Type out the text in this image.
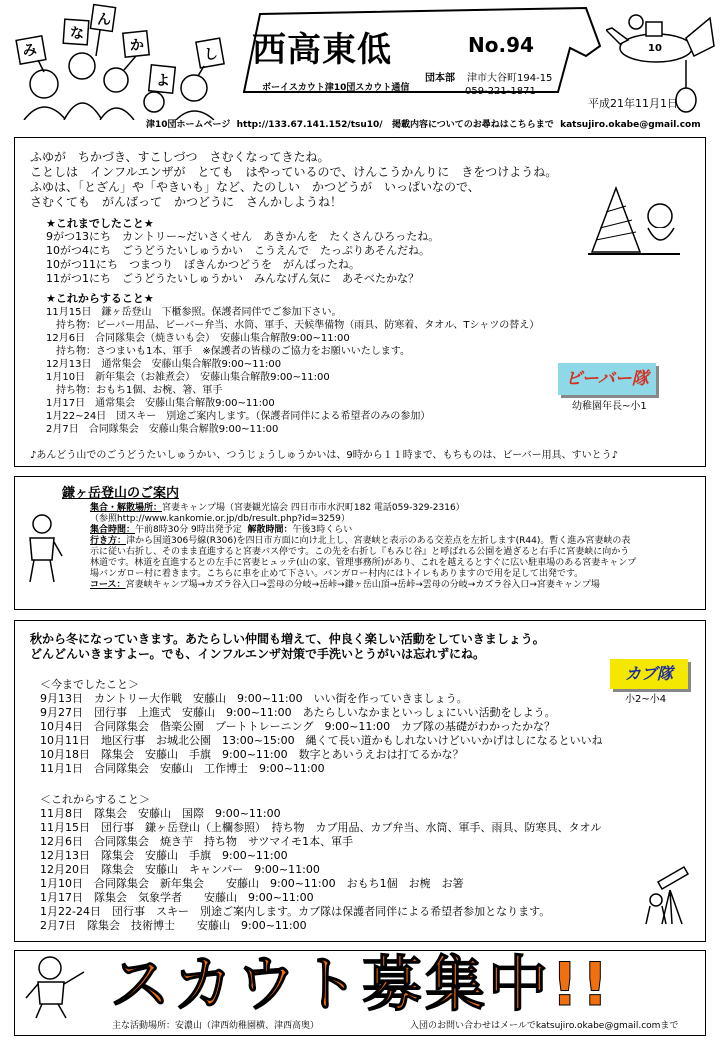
み
ん
な
か
よ
し 西高東低	No.94
団本部 津市大谷町194-15
ボーイスカウト津10団スカウト通信	059-221-1871
10
平成21年11月1日
津10団ホームページ http://133.67.141.152/tsu10/ 掲載内容についてのお尋ねはこちらまで katsujiro.okabe@gmail.com
ふゆが　ちかづき、すこしづつ　さむくなってきたね。
ことしは　インフルエンザが　とても　はやっているので、けんこうかんりに　きをつけようね。
ふゆは、「とざん」や「やきいも」など、たのしい　かつどうが　いっぱいなので、
さむくても　がんばって　かつどうに　さんかしようね！
★これまでしたこと★
9がつ13にち　カントリー~だいさくせん　あきかんを　たくさんひろったね。
10がつ4にち　ごうどうたいしゅうかい　こうえんで　たっぷりあそんだね。
10がつ11にち　つまつり　ぼきんかつどうを　がんばったね。
11がつ1にち　ごうどうたいしゅうかい　みんなげん気に　あそべたかな？
★これからすること★
11月15日　鎌ヶ岳登山　下櫃参照。保護者同伴でご参加下さい。
　持ち物：ビーバー用品、ビーバー弁当、水筒、軍手、天候準備物（雨具、防寒着、タオル、Tシャツの替え）
12月6日　合同隊集会（焼きいも会）　安藤山集合解散9:00~11:00
　持ち物：さつまいも1本、軍手　※保護者の皆様のご協力をお願いいたします。
12月13日　通常集会　安藤山集合解散9:00~11:00
1月10日　新年集会（お雑煮会）　安藤山集合解散9:00~11:00
　持ち物：おもち1個、お椀、箸、軍手
1月17日　通常集会　安藤山集合解散9:00~11:00
1月22~24日　団スキー　別途ご案内します。（保護者同伴による希望者のみの参加）
2月7日　合同隊集会　安藤山集合解散9:00~11:00
ビーバー隊
幼稚園年長~小1
♪あんどう山でのごうどうたいしゅうかい、つうじょうしゅうかいは、9時から１１時まで、もちものは、ビーバー用具、すいとう♪
鎌ヶ岳登山のご案内
集合・解散場所：宮妻キャンプ場（宮妻観光協会 四日市市水沢町182 電話059-329-2316）
（参照http://www.kankomie.or.jp/db/result.php?id=3259）
集合時間：午前8時30分 9時出発予定 解散時間：午後3時くらい
行き方：津から国道306号線(R306)を四日市方面に向け北上し、宮妻峡と表示のある交差点を左折します(R44)。暫く進み宮妻峡の表
示に従い右折し、そのまま直進すると宮妻バス停です。この先を右折し『もみじ谷』と呼ばれる公園を過ぎると右手に宮妻峡に向かう
林道です。林道を直進するとの左手に宮妻ヒュッテ(山の家、管理事務所)があり、これを越えるとすぐに広い駐車場のある宮妻キャンプ
場バンガロー村に着きます。こちらに車を止めて下さい。バンガロー村内にはトイレもありますので用を足して出発です。
コース：宮妻峡キャンプ場→カズラ谷入口→雲母の分岐→岳峠→鎌ヶ岳山頂→岳峠→雲母の分岐→カズラ谷入口→宮妻キャンプ場
秋から冬になっていきます。あたらしい仲間も増えて、仲良く楽しい活動をしていきましょう。
どんどんいきますよー。でも、インフルエンザ対策で手洗いとうがいは忘れずにね。
カブ隊
小2~小4
＜今までしたこと＞
9月13日　カントリー大作戦　安藤山　9:00~11:00　いい街を作っていきましょう。
9月27日　団行事　上進式　安藤山　9:00~11:00　あたらしいなかまといっしょにいい活動をしよう。
10月4日　合同隊集会　偕楽公園　ブートトレーニング　9:00~11:00　カブ隊の基礎がわかったかな？
10月11日　地区行事　お城北公園　13:00~15:00　縄くて長い道かもしれないけどいいかげはしになるといいね
10月18日　隊集会　安藤山　手旗　9:00~11:00　数字とあいうえおは打てるかな？
11月1日　合同隊集会　安藤山　工作博士　9:00~11:00
＜これからすること＞
11月8日　隊集会　安藤山　国際　9:00~11:00
11月15日　団行事　鎌ヶ岳登山（上欄参照）　持ち物　カブ用品、カブ弁当、水筒、軍手、雨具、防寒具、タオル
12月6日　合同隊集会　焼き芋　持ち物　サツマイモ1本、軍手
12月13日　隊集会　安藤山　手旗　9:00~11:00
12月20日　隊集会　安藤山　キャンパー　9:00~11:00
1月10日　合同隊集会　新年集会　　安藤山　9:00~11:00　おもち1個　お椀　お箸
1月17日　隊集会　気象学者　　安藤山　9:00~11:00
1月22-24日　団行事　スキー　別途ご案内します。カブ隊は保護者同伴による希望者参加となります。
2月7日　隊集会　技術博士　　安藤山　9:00~11:00
スカウト募集中!!
主な活動場所：安濃山（津西幼稚園横、津西高奥）	入団のお問い合わせはメールでkatsujiro.okabe@gmail.comまで
